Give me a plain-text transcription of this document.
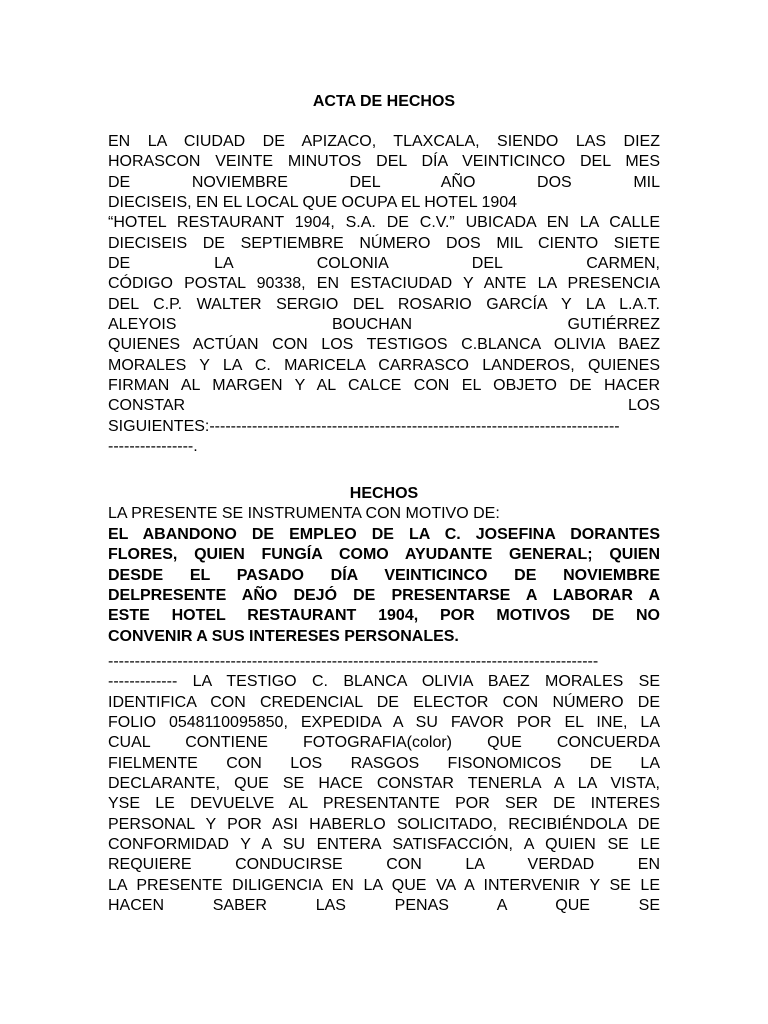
ACTA DE HECHOS
EN LA CIUDAD DE APIZACO, TLAXCALA, SIENDO LAS DIEZ
HORASCON VEINTE MINUTOS DEL DÍA VEINTICINCO DEL MES
DE NOVIEMBRE DEL AÑO DOS MIL
DIECISEIS, EN EL LOCAL QUE OCUPA EL HOTEL 1904
“HOTEL RESTAURANT 1904, S.A. DE C.V.” UBICADA EN LA CALLE
DIECISEIS DE SEPTIEMBRE NÚMERO DOS MIL CIENTO SIETE
DE LA COLONIA DEL CARMEN,
CÓDIGO POSTAL 90338, EN ESTACIUDAD Y ANTE LA PRESENCIA
DEL C.P. WALTER SERGIO DEL ROSARIO GARCÍA Y LA L.A.T.
ALEYOIS BOUCHAN GUTIÉRREZ
QUIENES ACTÚAN CON LOS TESTIGOS C.BLANCA OLIVIA BAEZ
MORALES Y LA C. MARICELA CARRASCO LANDEROS, QUIENES
FIRMAN AL MARGEN Y AL CALCE CON EL OBJETO DE HACER
CONSTAR LOS
SIGUIENTES:-----------------------------------------------------------------------------
----------------.
HECHOS
LA PRESENTE SE INSTRUMENTA CON MOTIVO DE:
EL ABANDONO DE EMPLEO DE LA C. JOSEFINA DORANTES
FLORES, QUIEN FUNGÍA COMO AYUDANTE GENERAL; QUIEN
DESDE EL PASADO DÍA VEINTICINCO DE NOVIEMBRE
DELPRESENTE AÑO DEJÓ DE PRESENTARSE A LABORAR A
ESTE HOTEL RESTAURANT 1904, POR MOTIVOS DE NO
CONVENIR A SUS INTERESES PERSONALES.
--------------------------------------------------------------------------------------------
------------- LA TESTIGO C. BLANCA OLIVIA BAEZ MORALES SE
IDENTIFICA CON CREDENCIAL DE ELECTOR CON NÚMERO DE
FOLIO 0548110095850, EXPEDIDA A SU FAVOR POR EL INE, LA
CUAL CONTIENE FOTOGRAFIA(color) QUE CONCUERDA
FIELMENTE CON LOS RASGOS FISONOMICOS DE LA
DECLARANTE, QUE SE HACE CONSTAR TENERLA A LA VISTA,
YSE LE DEVUELVE AL PRESENTANTE POR SER DE INTERES
PERSONAL Y POR ASI HABERLO SOLICITADO, RECIBIÉNDOLA DE
CONFORMIDAD Y A SU ENTERA SATISFACCIÓN, A QUIEN SE LE
REQUIERE CONDUCIRSE CON LA VERDAD EN
LA PRESENTE DILIGENCIA EN LA QUE VA A INTERVENIR Y SE LE
HACEN SABER LAS PENAS A QUE SE
